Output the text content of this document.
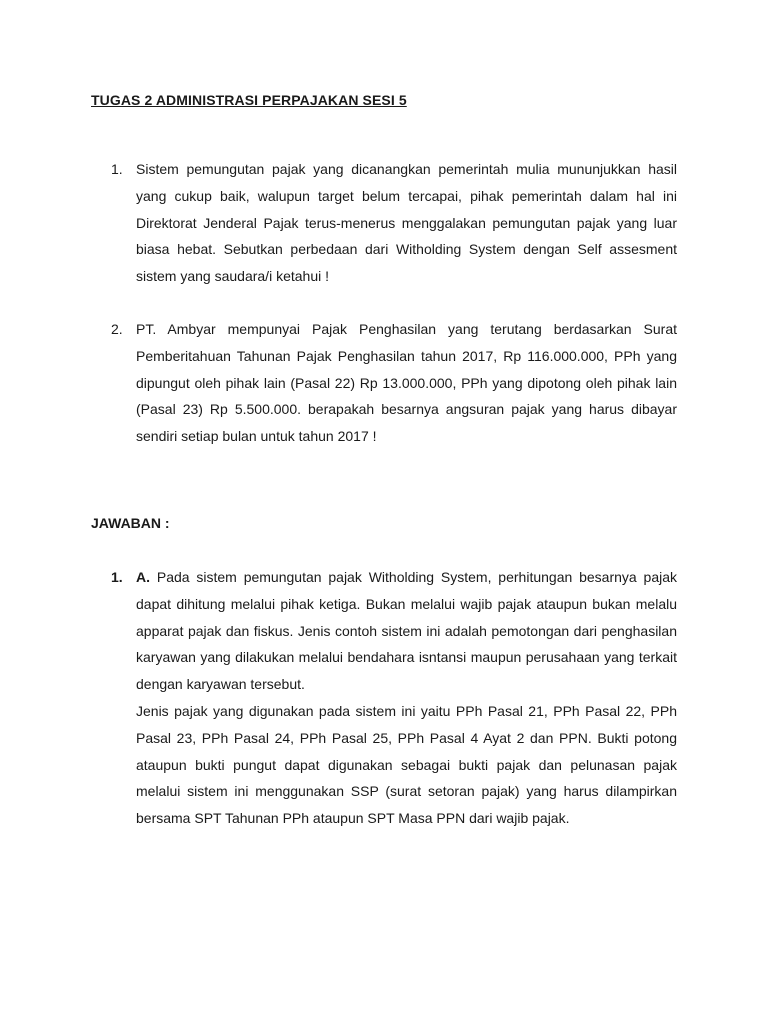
TUGAS 2 ADMINISTRASI PERPAJAKAN SESI 5
1. Sistem pemungutan pajak yang dicanangkan pemerintah mulia mununjukkan hasil yang cukup baik, walupun target belum tercapai, pihak pemerintah dalam hal ini Direktorat Jenderal Pajak terus-menerus menggalakan pemungutan pajak yang luar biasa hebat. Sebutkan perbedaan dari Witholding System dengan Self assesment sistem yang saudara/i ketahui !
2. PT. Ambyar mempunyai Pajak Penghasilan yang terutang berdasarkan Surat Pemberitahuan Tahunan Pajak Penghasilan tahun 2017, Rp 116.000.000, PPh yang dipungut oleh pihak lain (Pasal 22) Rp 13.000.000, PPh yang dipotong oleh pihak lain (Pasal 23) Rp 5.500.000. berapakah besarnya angsuran pajak yang harus dibayar sendiri setiap bulan untuk tahun 2017 !
JAWABAN :
1. A. Pada sistem pemungutan pajak Witholding System, perhitungan besarnya pajak dapat dihitung melalui pihak ketiga. Bukan melalui wajib pajak ataupun bukan melalu apparat pajak dan fiskus. Jenis contoh sistem ini adalah pemotongan dari penghasilan karyawan yang dilakukan melalui bendahara isntansi maupun perusahaan yang terkait dengan karyawan tersebut.

Jenis pajak yang digunakan pada sistem ini yaitu PPh Pasal 21, PPh Pasal 22, PPh Pasal 23, PPh Pasal 24, PPh Pasal 25, PPh Pasal 4 Ayat 2 dan PPN. Bukti potong ataupun bukti pungut dapat digunakan sebagai bukti pajak dan pelunasan pajak melalui sistem ini menggunakan SSP (surat setoran pajak) yang harus dilampirkan bersama SPT Tahunan PPh ataupun SPT Masa PPN dari wajib pajak.
